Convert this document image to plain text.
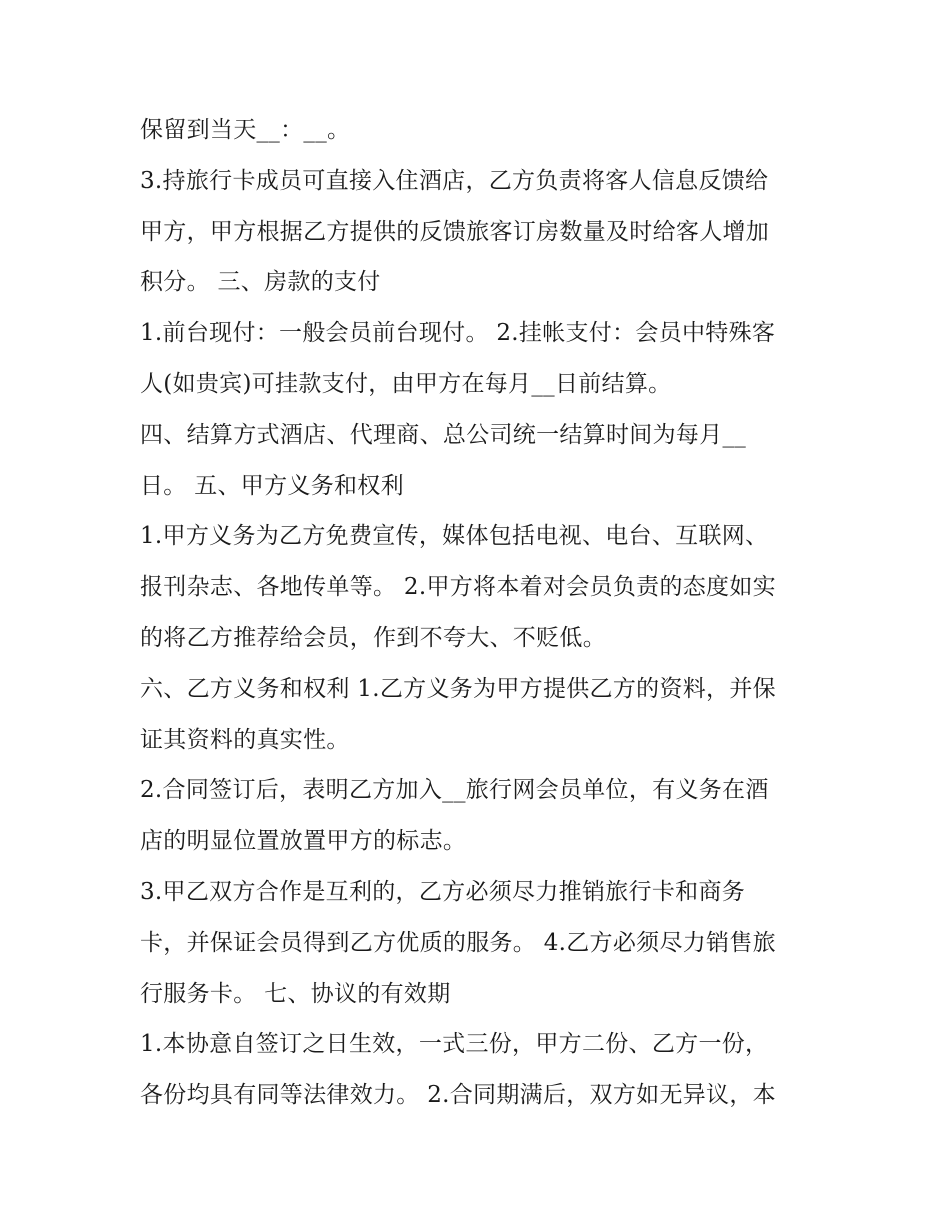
保留到当天__：__。
3.持旅行卡成员可直接入住酒店，乙方负责将客人信息反馈给
甲方，甲方根据乙方提供的反馈旅客订房数量及时给客人增加
积分。 三、房款的支付
1.前台现付：一般会员前台现付。 2.挂帐支付：会员中特殊客
人(如贵宾)可挂款支付，由甲方在每月__日前结算。
四、结算方式酒店、代理商、总公司统一结算时间为每月__
日。 五、甲方义务和权利
1.甲方义务为乙方免费宣传，媒体包括电视、电台、互联网、
报刊杂志、各地传单等。 2.甲方将本着对会员负责的态度如实
的将乙方推荐给会员，作到不夸大、不贬低。
六、乙方义务和权利 1.乙方义务为甲方提供乙方的资料，并保
证其资料的真实性。
2.合同签订后，表明乙方加入__旅行网会员单位，有义务在酒
店的明显位置放置甲方的标志。
3.甲乙双方合作是互利的，乙方必须尽力推销旅行卡和商务
卡，并保证会员得到乙方优质的服务。 4.乙方必须尽力销售旅
行服务卡。 七、协议的有效期
1.本协意自签订之日生效，一式三份，甲方二份、乙方一份，
各份均具有同等法律效力。 2.合同期满后，双方如无异议，本
